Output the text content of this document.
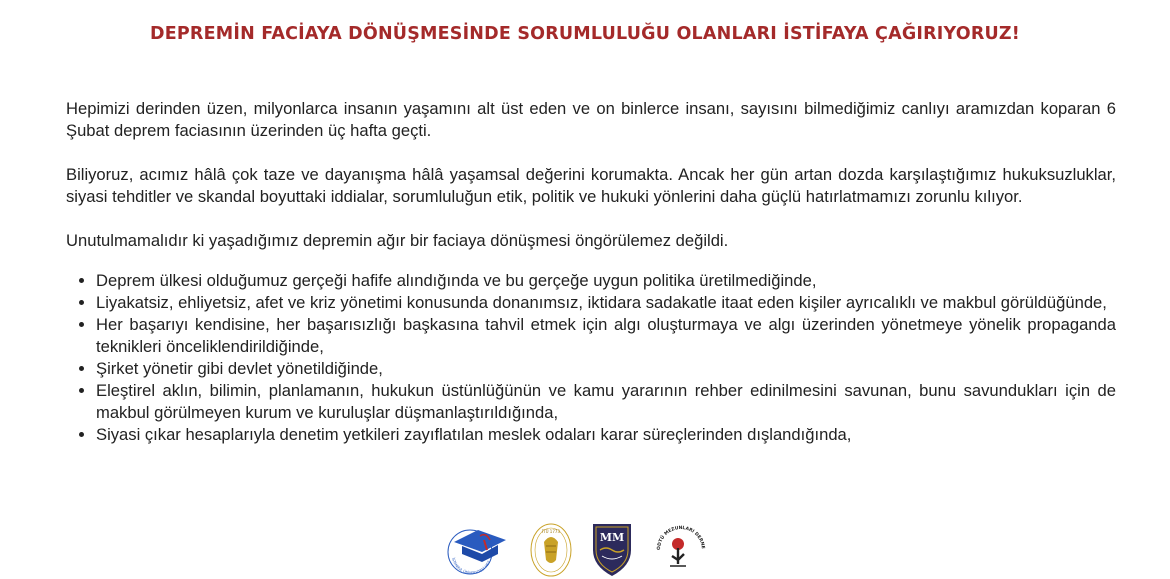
DEPREMİN FACİAYA DÖNÜŞMESİNDE SORUMLULUĞU OLANLARI İSTİFAYA ÇAĞIRIYORUZ!

Hepimizi derinden üzen, milyonlarca insanın yaşamını alt üst eden ve on binlerce insanı, sayısını bilmediğimiz canlıyı aramızdan koparan 6 Şubat deprem faciasının üzerinden üç hafta geçti.

Biliyoruz, acımız hâlâ çok taze ve dayanışma hâlâ yaşamsal değerini korumakta. Ancak her gün artan dozda karşılaştığımız hukuksuzluklar, siyasi tehditler ve skandal boyuttaki iddialar, sorumluluğun etik, politik ve hukuki yönlerini daha güçlü hatırlatmamızı zorunlu kılıyor.

Unutulmamalıdır ki yaşadığımız depremin ağır bir faciaya dönüşmesi öngörülemez değildi.

• Deprem ülkesi olduğumuz gerçeği hafife alındığında ve bu gerçeğe uygun politika üretilmediğinde,
• Liyakatsiz, ehliyetsiz, afet ve kriz yönetimi konusunda donanımsız, iktidara sadakatle itaat eden kişiler ayrıcalıklı ve makbul görüldüğünde,
• Her başarıyı kendisine, her başarısızlığı başkasına tahvil etmek için algı oluşturmaya ve algı üzerinden yönetmeye yönelik propaganda teknikleri önceliklendirildiğinde,
• Şirket yönetir gibi devlet yönetildiğinde,
• Eleştirel aklın, bilimin, planlamanın, hukukun üstünlüğünün ve kamu yararının rehber edinilmesini savunan, bunu savundukları için de makbul görülmeyen kurum ve kuruluşlar düşmanlaştırıldığında,
• Siyasi çıkar hesaplarıyla denetim yetkileri zayıflatılan meslek odaları karar süreçlerinden dışlandığında,
İSTANBUL ÜNİVERSİTESİ MEZ
İTÜ 1773	MM
ODTÜ MEZUNLARI DERNE
